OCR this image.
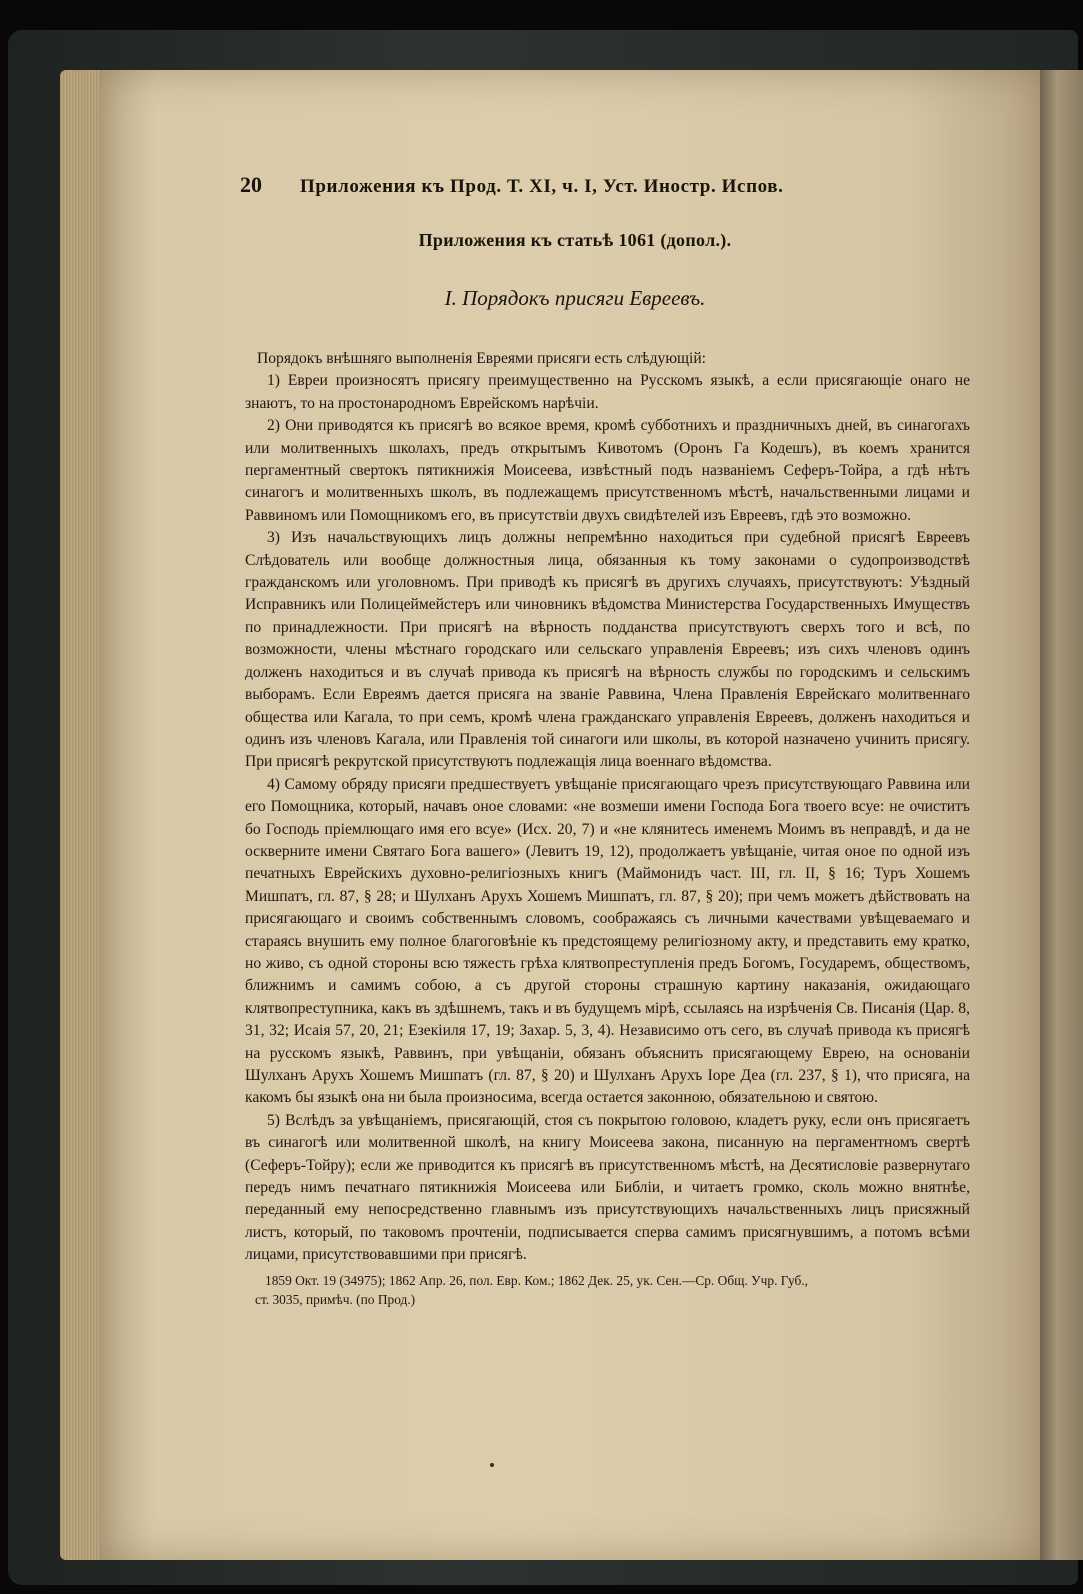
20	Приложения къ Прод. Т. XI, ч. I, Уст. Иностр. Испов.
Приложения къ статьѣ 1061 (допол.).
I. Порядокъ присяги Евреевъ.

Порядокъ внѣшняго выполненія Евреями присяги есть слѣдующій:

1) Евреи произносятъ присягу преимущественно на Русскомъ языкѣ, а если присягающіе онаго не знаютъ, то на простонародномъ Еврейскомъ нарѣчіи.

2) Они приводятся къ присягѣ во всякое время, кромѣ субботнихъ и праздничныхъ дней, въ синагогахъ или молитвенныхъ школахъ, предъ открытымъ Кивотомъ (Оронъ Га Кодешъ), въ коемъ хранится пергаментный свертокъ пятикнижія Моисеева, извѣстный подъ названіемъ Сеферъ-Тойра, а гдѣ нѣтъ синагогъ и молитвенныхъ школъ, въ подлежащемъ присутственномъ мѣстѣ, начальственными лицами и Раввиномъ или Помощникомъ его, въ присутствіи двухъ свидѣтелей изъ Евреевъ, гдѣ это возможно.

3) Изъ начальствующихъ лицъ должны непремѣнно находиться при судебной присягѣ Евреевъ Слѣдователь или вообще должностныя лица, обязанныя къ тому законами о судопроизводствѣ гражданскомъ или уголовномъ. При приводѣ къ присягѣ въ другихъ случаяхъ, присутствуютъ: Уѣздный Исправникъ или Полицеймейстеръ или чиновникъ вѣдомства Министерства Государственныхъ Имуществъ по принадлежности. При присягѣ на вѣрность подданства присутствуютъ сверхъ того и всѣ, по возможности, члены мѣстнаго городскаго или сельскаго управленія Евреевъ; изъ сихъ членовъ одинъ долженъ находиться и въ случаѣ привода къ присягѣ на вѣрность службы по городскимъ и сельскимъ выборамъ. Если Евреямъ дается присяга на званіе Раввина, Члена Правленія Еврейскаго молитвеннаго общества или Кагала, то при семъ, кромѣ члена гражданскаго управленія Евреевъ, долженъ находиться и одинъ изъ членовъ Кагала, или Правленія той синагоги или школы, въ которой назначено учинить присягу. При присягѣ рекрутской присутствуютъ подлежащія лица военнаго вѣдомства.

4) Самому обряду присяги предшествуетъ увѣщаніе присягающаго чрезъ присутствующаго Раввина или его Помощника, который, начавъ оное словами: «не возмеши имени Господа Бога твоего всуе: не очиститъ бо Господь пріемлющаго имя его всуе» (Исх. 20, 7) и «не клянитесь именемъ Моимъ въ неправдѣ, и да не оскверните имени Святаго Бога вашего» (Левитъ 19, 12), продолжаетъ увѣщаніе, читая оное по одной изъ печатныхъ Еврейскихъ духовно-религіозныхъ книгъ (Маймонидъ част. III, гл. II, § 16; Туръ Хошемъ Мишпатъ, гл. 87, § 28; и Шулханъ Арухъ Хошемъ Мишпатъ, гл. 87, § 20); при чемъ можетъ дѣйствовать на присягающаго и своимъ собственнымъ словомъ, соображаясь съ личными качествами увѣщеваемаго и стараясь внушить ему полное благоговѣніе къ предстоящему религіозному акту, и представить ему кратко, но живо, съ одной стороны всю тяжесть грѣха клятвопреступленія предъ Богомъ, Государемъ, обществомъ, ближнимъ и самимъ собою, а съ другой стороны страшную картину наказанія, ожидающаго клятвопреступника, какъ въ здѣшнемъ, такъ и въ будущемъ мірѣ, ссылаясь на изрѣченія Св. Писанія (Цар. 8, 31, 32; Исаія 57, 20, 21; Езекіиля 17, 19; Захар. 5, 3, 4). Независимо отъ сего, въ случаѣ привода къ присягѣ на русскомъ языкѣ, Раввинъ, при увѣщаніи, обязанъ объяснить присягающему Еврею, на основаніи Шулханъ Арухъ Хошемъ Мишпатъ (гл. 87, § 20) и Шулханъ Арухъ Іоре Деа (гл. 237, § 1), что присяга, на какомъ бы языкѣ она ни была произносима, всегда остается законною, обязательною и святою.

5) Вслѣдъ за увѣщаніемъ, присягающій, стоя съ покрытою головою, кладетъ руку, если онъ присягаетъ въ синагогѣ или молитвенной школѣ, на книгу Моисеева закона, писанную на пергаментномъ свертѣ (Сеферъ-Тойру); если же приводится къ присягѣ въ присутственномъ мѣстѣ, на Десятисловіе развернутаго передъ нимъ печатнаго пятикнижія Моисеева или Библіи, и читаетъ громко, сколь можно внятнѣе, переданный ему непосредственно главнымъ изъ присутствующихъ начальственныхъ лицъ присяжный листъ, который, по таковомъ прочтеніи, подписывается сперва самимъ присягнувшимъ, а потомъ всѣми лицами, присутствовавшими при присягѣ.

1859 Окт. 19 (34975); 1862 Апр. 26, пол. Евр. Ком.; 1862 Дек. 25, ук. Сен.—Ср. Общ. Учр. Губ.,
ст. 3035, примѣч. (по Прод.)
